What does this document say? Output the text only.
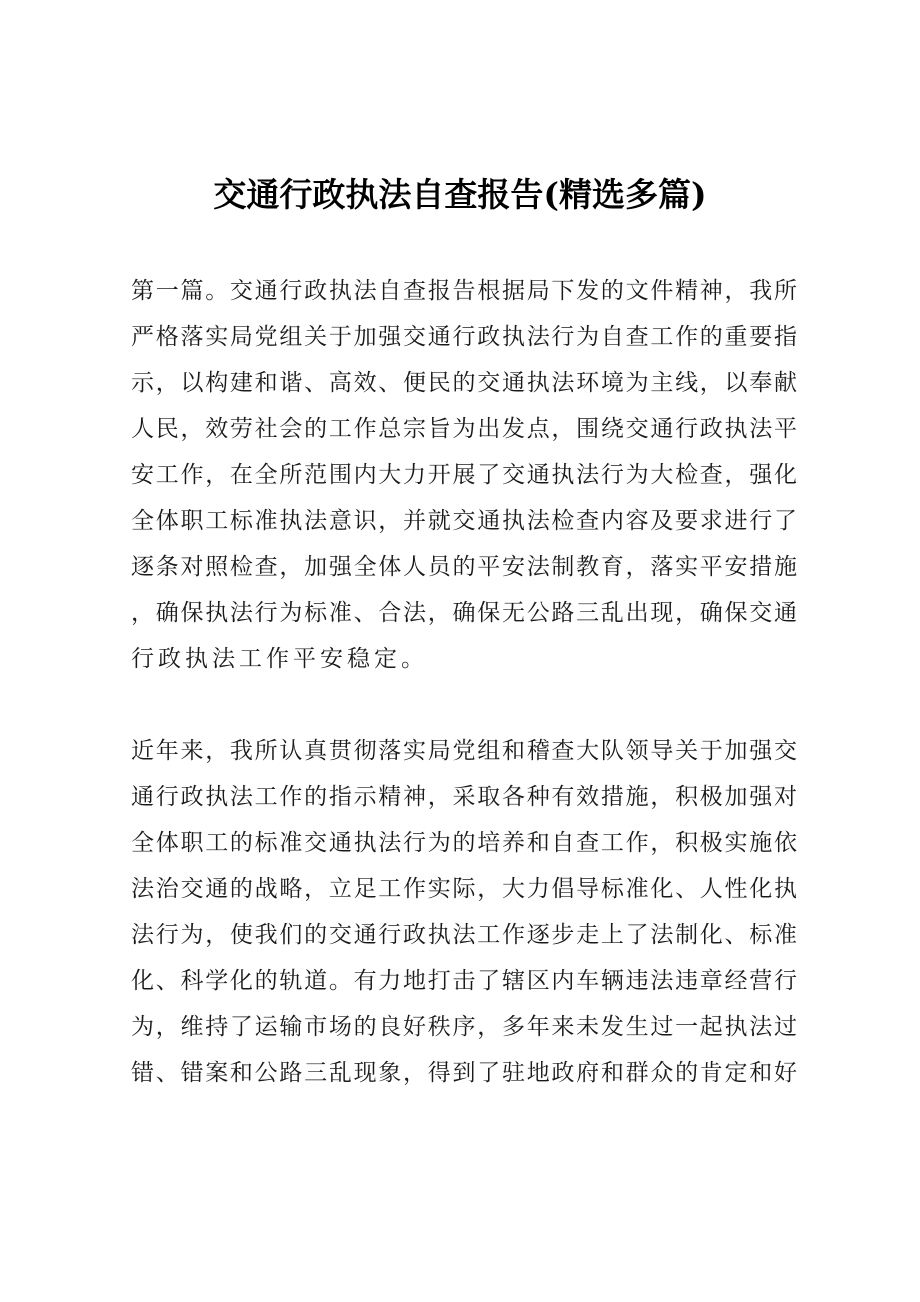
交通行政执法自查报告(精选多篇)

第一篇。交通行政执法自查报告根据局下发的文件精神，我所
严格落实局党组关于加强交通行政执法行为自查工作的重要指
示，以构建和谐、高效、便民的交通执法环境为主线，以奉献
人民，效劳社会的工作总宗旨为出发点，围绕交通行政执法平
安工作，在全所范围内大力开展了交通执法行为大检查，强化
全体职工标准执法意识，并就交通执法检查内容及要求进行了
逐条对照检查，加强全体人员的平安法制教育，落实平安措施
，确保执法行为标准、合法，确保无公路三乱出现，确保交通
行政执法工作平安稳定。

近年来，我所认真贯彻落实局党组和稽查大队领导关于加强交
通行政执法工作的指示精神，采取各种有效措施，积极加强对
全体职工的标准交通执法行为的培养和自查工作，积极实施依
法治交通的战略，立足工作实际，大力倡导标准化、人性化执
法行为，使我们的交通行政执法工作逐步走上了法制化、标准
化、科学化的轨道。有力地打击了辖区内车辆违法违章经营行
为，维持了运输市场的良好秩序，多年来未发生过一起执法过
错、错案和公路三乱现象，得到了驻地政府和群众的肯定和好
